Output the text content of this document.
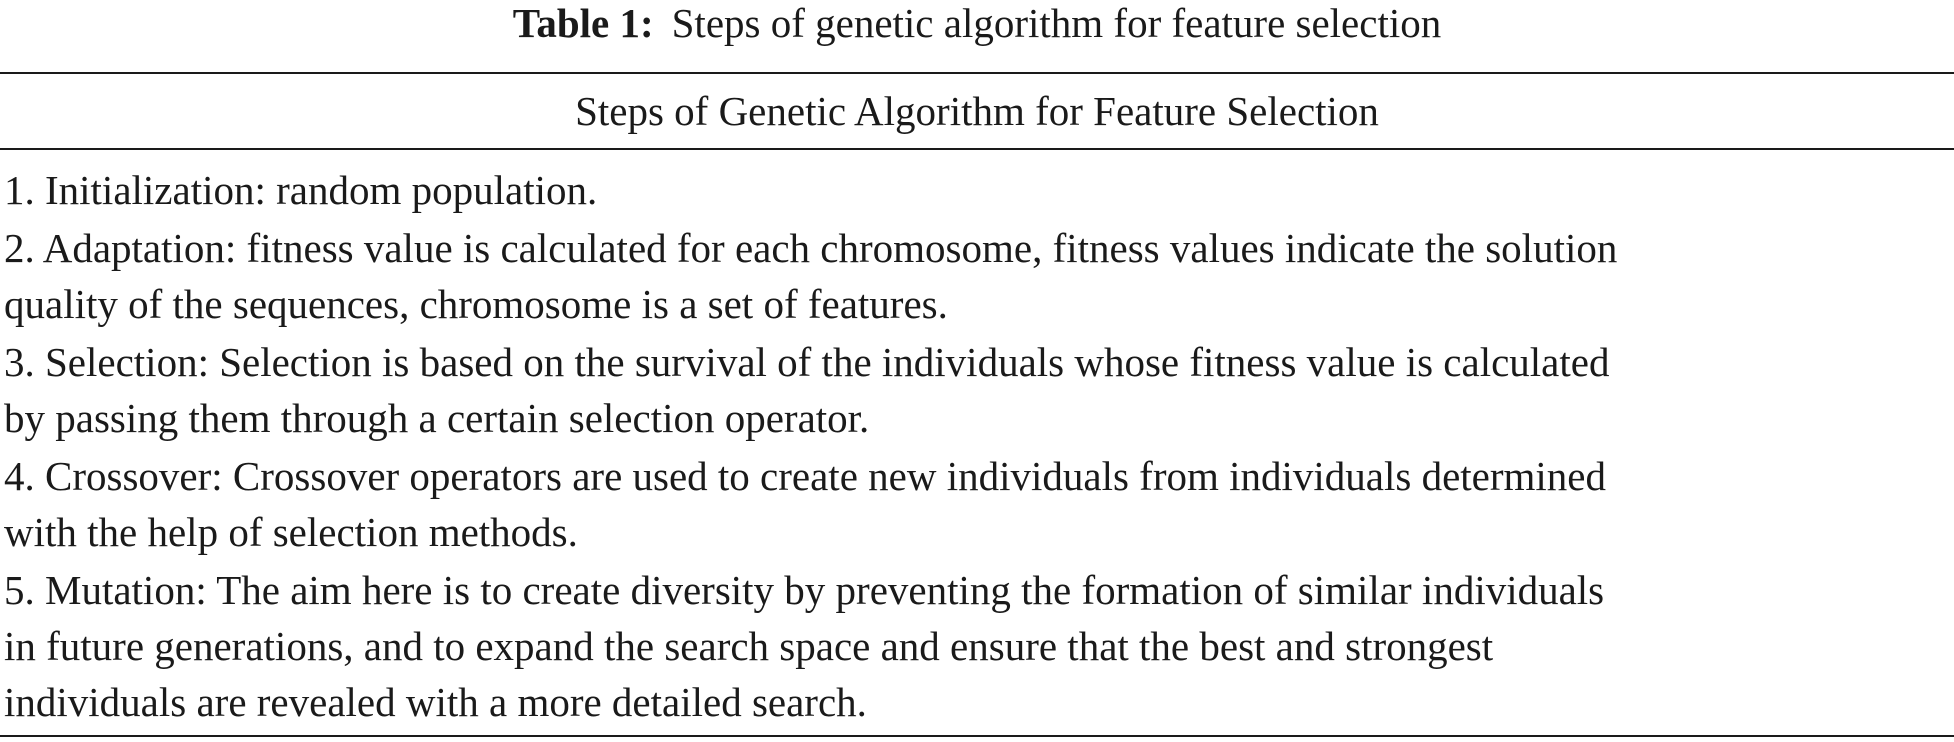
Table 1: Steps of genetic algorithm for feature selection
Steps of Genetic Algorithm for Feature Selection
1. Initialization: random population.
2. Adaptation: fitness value is calculated for each chromosome, fitness values indicate the solution
quality of the sequences, chromosome is a set of features.
3. Selection: Selection is based on the survival of the individuals whose fitness value is calculated
by passing them through a certain selection operator.
4. Crossover: Crossover operators are used to create new individuals from individuals determined
with the help of selection methods.
5. Mutation: The aim here is to create diversity by preventing the formation of similar individuals
in future generations, and to expand the search space and ensure that the best and strongest
individuals are revealed with a more detailed search.
